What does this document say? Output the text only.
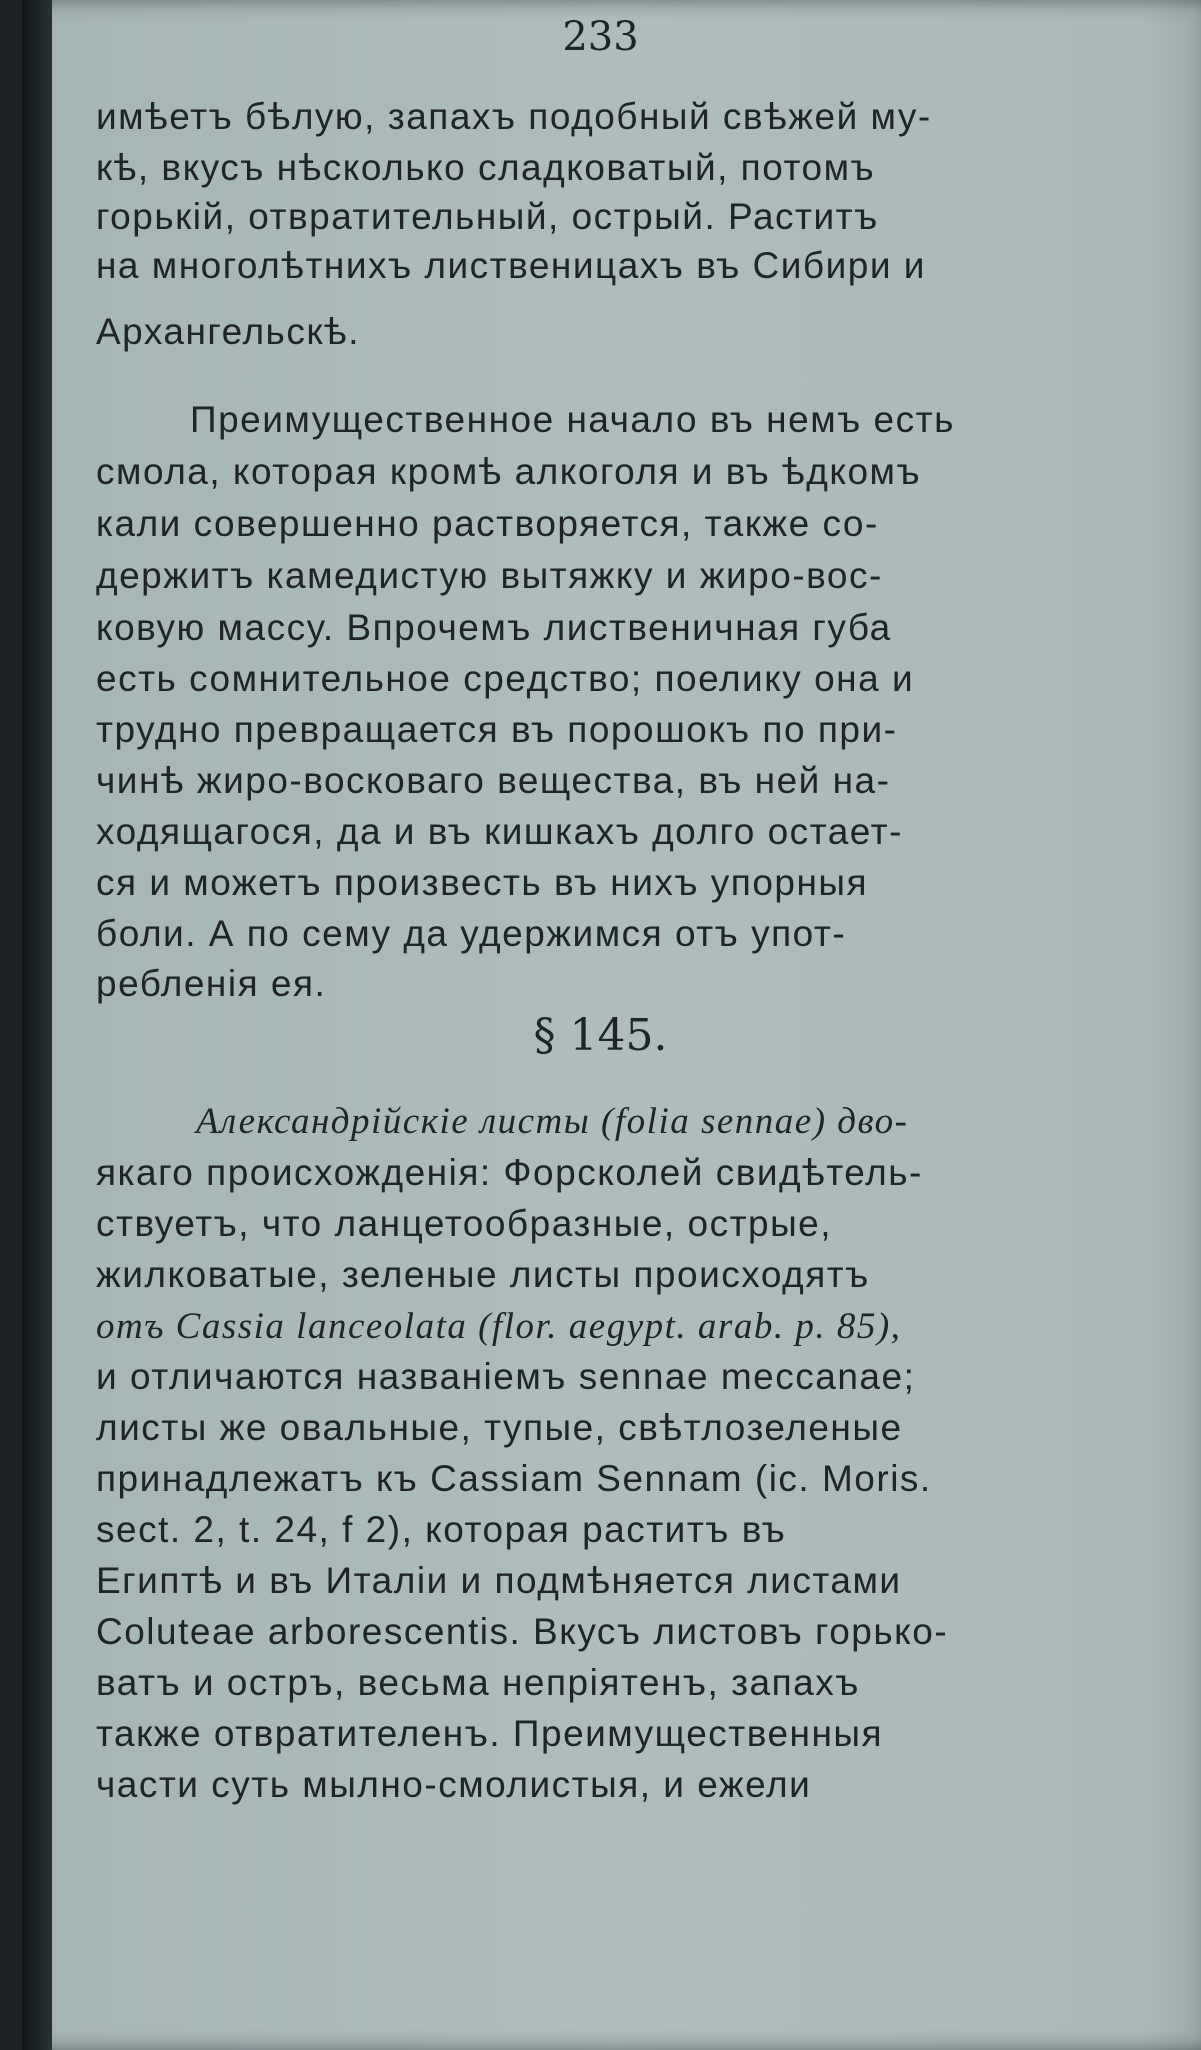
233
имѣетъ бѣлую, запахъ подобный свѣжей му-
кѣ, вкусъ нѣсколько сладковатый, потомъ
горькій, отвратительный, острый. Раститъ
на многолѣтнихъ лиственицахъ въ Сибири и
Архангельскѣ.
Преимущественное начало въ немъ есть
смола, которая кромѣ алкоголя и въ ѣдкомъ
кали совершенно растворяется, также со-
держитъ камедистую вытяжку и жиро-вос-
ковую массу. Впрочемъ лиственичная губа
есть сомнительное средство; поелику она и
трудно превращается въ порошокъ по при-
чинѣ жиро-восковаго вещества, въ ней на-
ходящагося, да и въ кишкахъ долго остает-
ся и можетъ произвесть въ нихъ упорныя
боли. А по сему да удержимся отъ упот-
ребленія ея.
§ 145.
Александрійскіе листы (folia sennae) дво-
якаго происхожденія: Форсколей свидѣтель-
ствуетъ, что ланцетообразные, острые,
жилковатые, зеленые листы происходятъ
отъ Cassia lanceolata (flor. aegypt. arab. p. 85),
и отличаются названіемъ sennae meccanae;
листы же овальные, тупые, свѣтлозеленые
принадлежатъ къ Cassiam Sennam (ic. Moris.
sect. 2, t. 24, f 2), которая раститъ въ
Египтѣ и въ Италіи и подмѣняется листами
Coluteae arborescentis. Вкусъ листовъ горько-
ватъ и остръ, весьма непріятенъ, запахъ
также отвратителенъ. Преимущественныя
части суть мылно-смолистыя, и ежели
